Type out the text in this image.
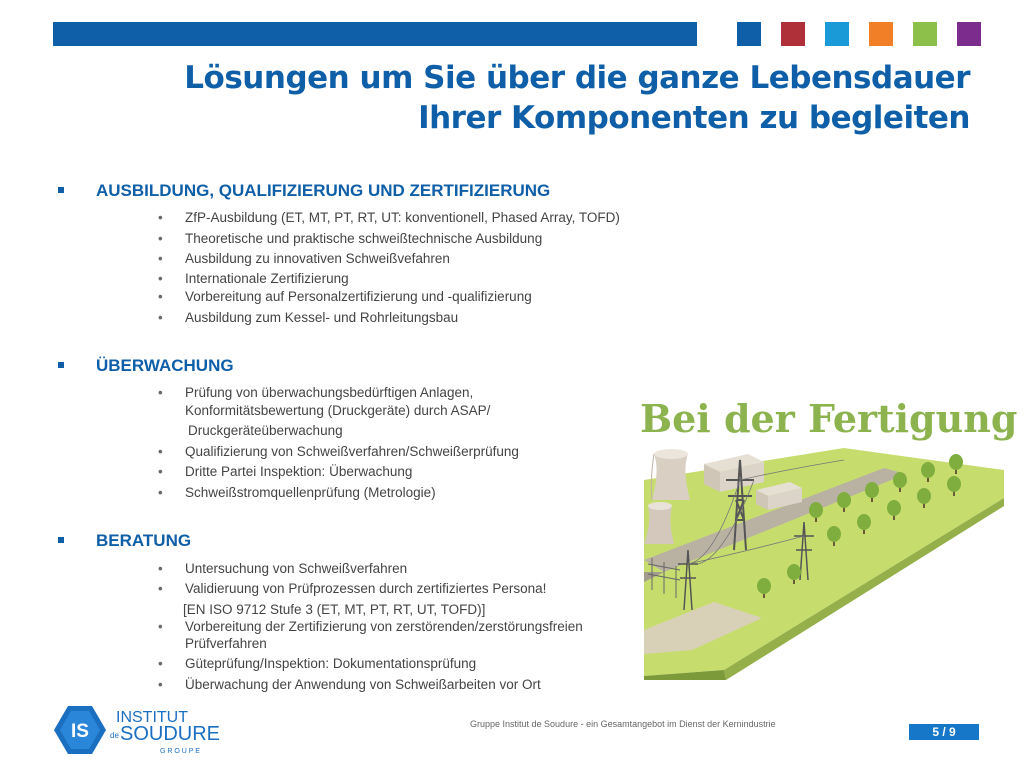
Lösungen um Sie über die ganze Lebensdauer
Ihrer Komponenten zu begleiten
AUSBILDUNG, QUALIFIZIERUNG UND ZERTIFIZIERUNG
• ZfP-Ausbildung (ET, MT, PT, RT, UT: konventionell, Phased Array, TOFD)
• Theoretische und praktische schweißtechnische Ausbildung
• Ausbildung zu innovativen Schweißvefahren
• Internationale Zertifizierung
• Vorbereitung auf Personalzertifizierung und -qualifizierung
• Ausbildung zum Kessel- und Rohrleitungsbau
ÜBERWACHUNG
• Prüfung von überwachungsbedürftigen Anlagen,
Konformitätsbewertung (Druckgeräte) durch ASAP/
Druckgeräteüberwachung
• Qualifizierung von Schweißverfahren/Schweißerprüfung
• Dritte Partei Inspektion: Überwachung
• Schweißstromquellenprüfung (Metrologie)
BERATUNG
• Untersuchung von Schweißverfahren
• Validieruung von Prüfprozessen durch zertifiziertes Persona!
[EN ISO 9712 Stufe 3 (ET, MT, PT, RT, UT, TOFD)]
• Vorbereitung der Zertifizierung von zerstörenden/zerstörungsfreien
Prüfverfahren
• Güteprüfung/Inspektion: Dokumentationsprüfung
• Überwachung der Anwendung von Schweißarbeiten vor Ort
Bei der Fertigung
IS
INSTITUT
de SOUDURE
G R O U P E
Gruppe Institut de Soudure - ein Gesamtangebot im Dienst der Kernindustrie
5 / 9
